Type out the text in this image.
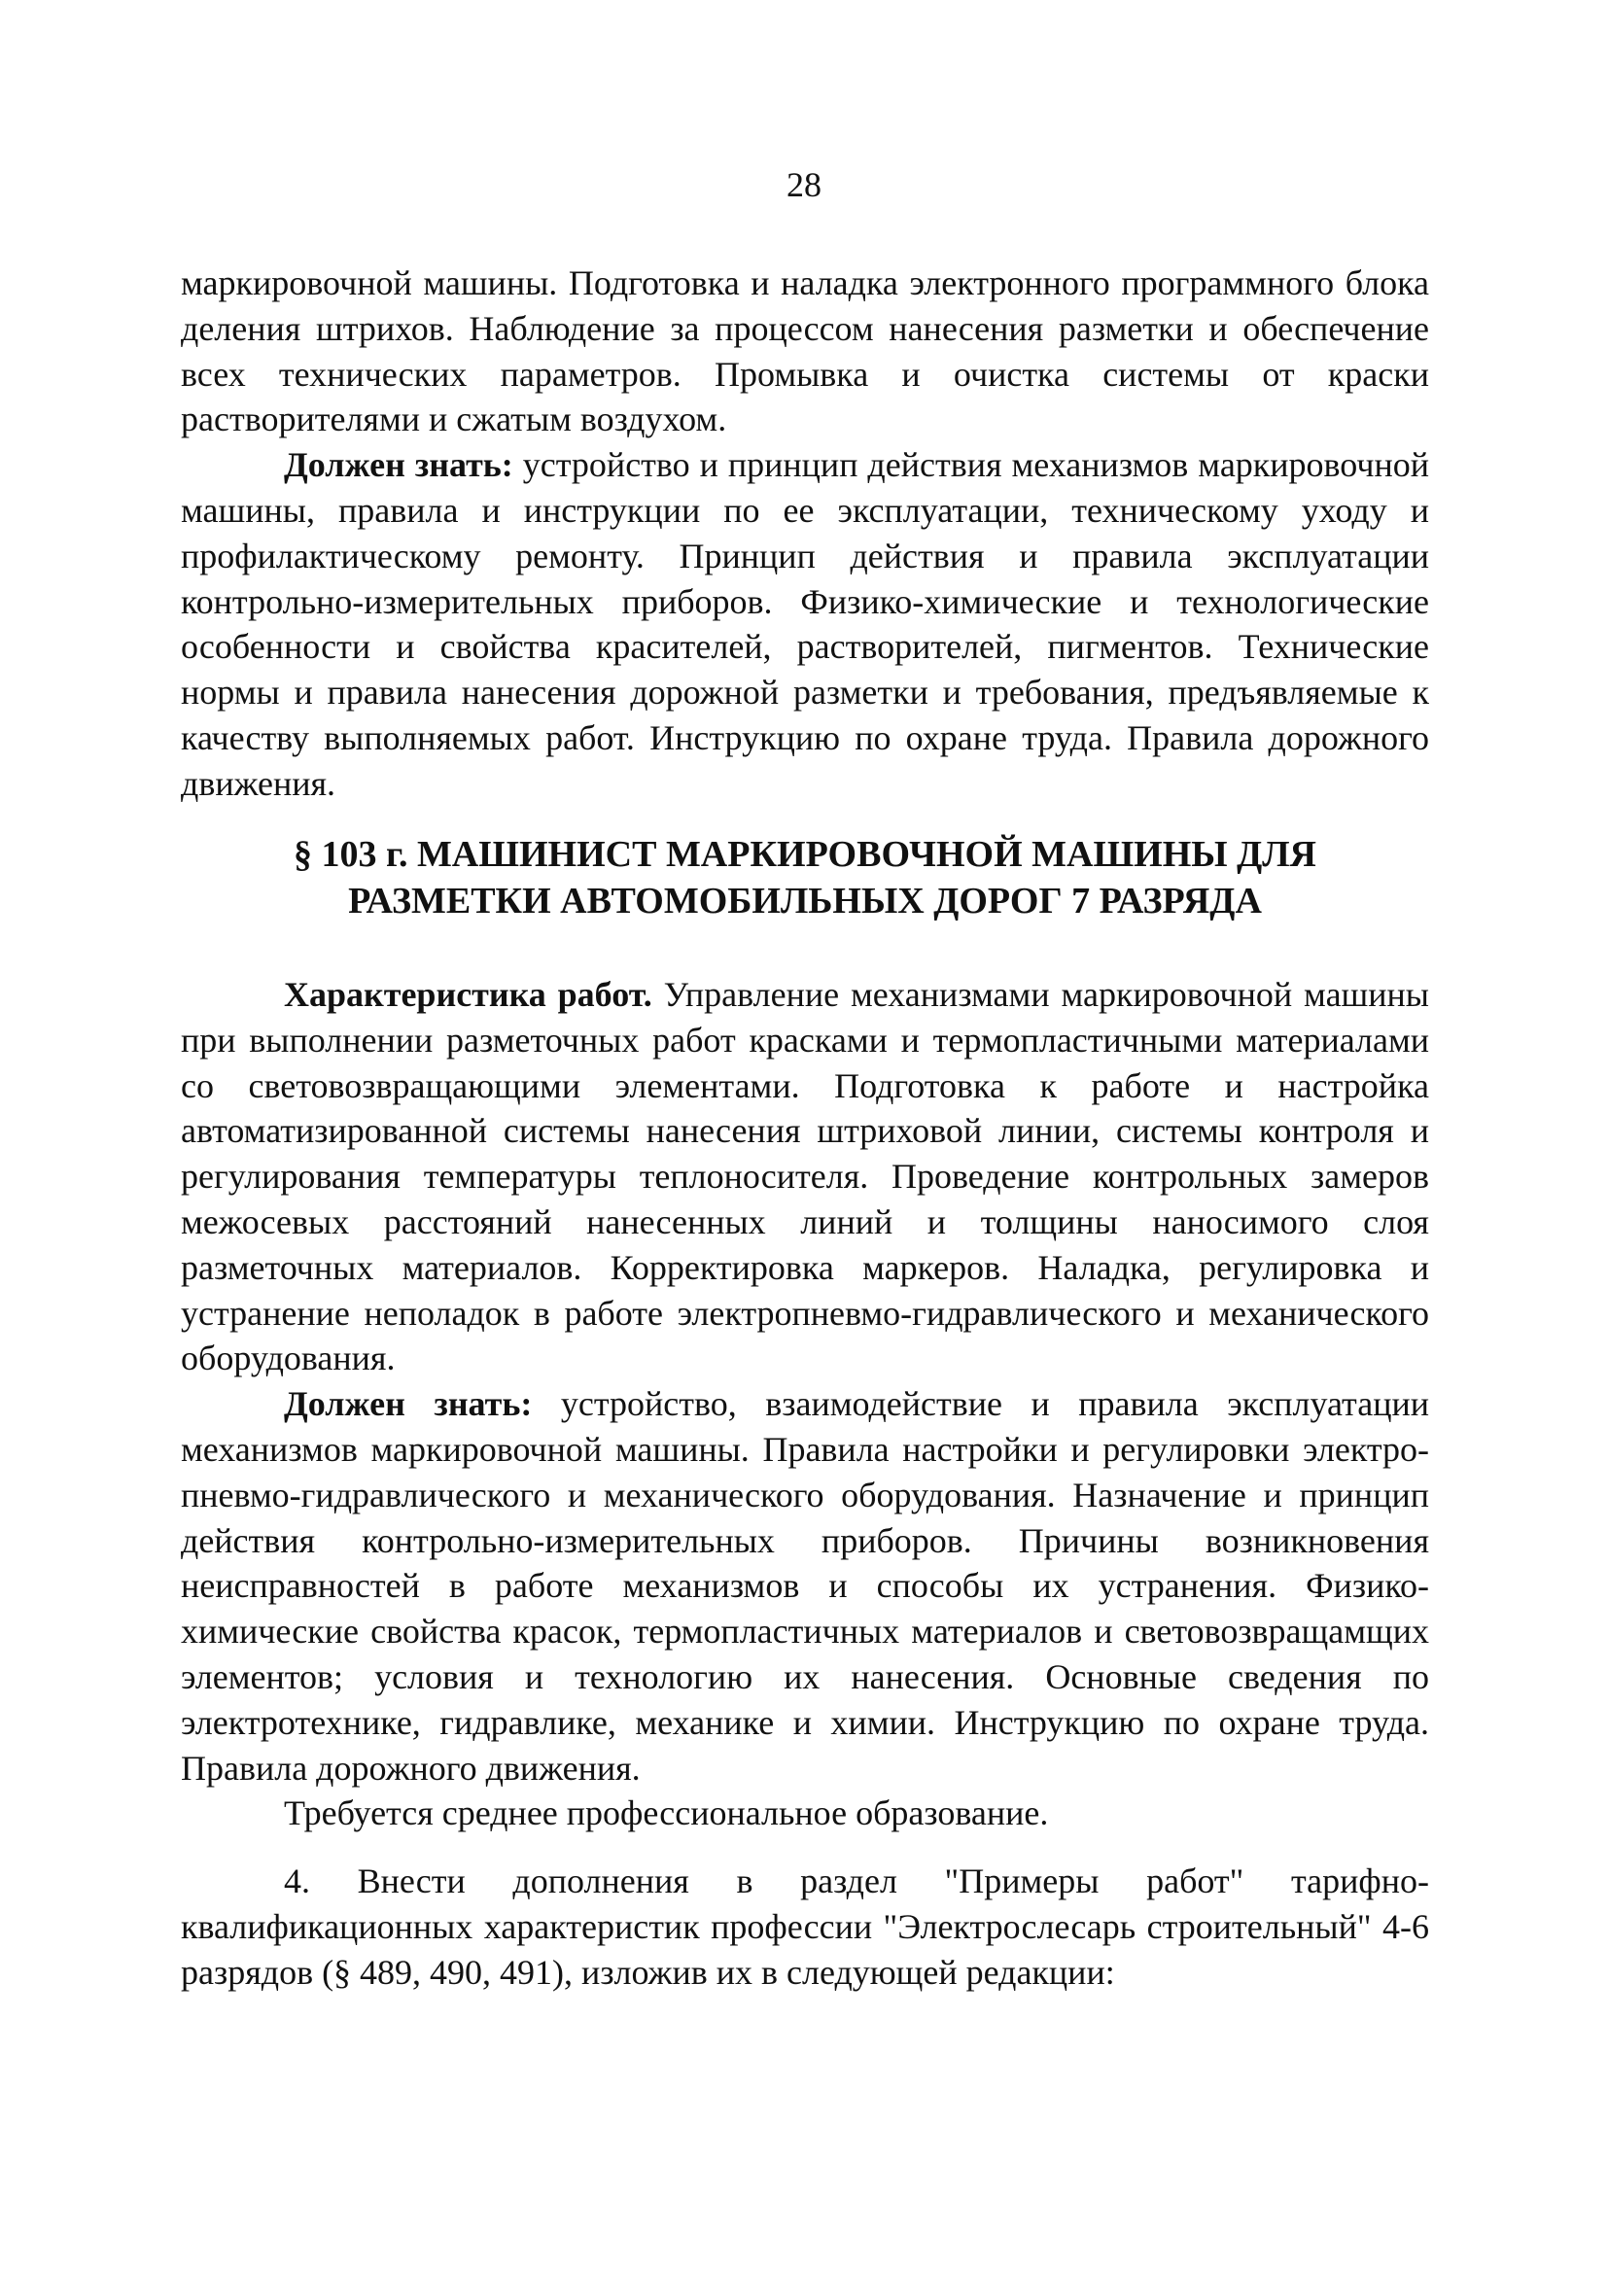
28

маркировочной машины. Подготовка и наладка электронного программного блока деления штрихов. Наблюдение за процессом нанесения разметки и обеспечение всех технических параметров. Промывка и очистка системы от краски растворителями и сжатым воздухом.

Должен знать: устройство и принцип действия механизмов маркировочной машины, правила и инструкции по ее эксплуатации, техническому уходу и профилактическому ремонту. Принцип действия и правила эксплуатации контрольно-измерительных приборов. Физико-химические и технологические особенности и свойства красителей, растворителей, пигментов. Технические нормы и правила нанесения дорожной разметки и требования, предъявляемые к качеству выполняемых работ. Инструкцию по охране труда. Правила дорожного движения.

§ 103 г. МАШИНИСТ МАРКИРОВОЧНОЙ МАШИНЫ ДЛЯ
РАЗМЕТКИ АВТОМОБИЛЬНЫХ ДОРОГ 7 РАЗРЯДА

Характеристика работ. Управление механизмами маркировочной машины при выполнении разметочных работ красками и термопластичными материалами со световозвращающими элементами. Подготовка к работе и настройка автоматизированной системы нанесения штриховой линии, системы контроля и регулирования температуры теплоносителя. Проведение контрольных замеров межосевых расстояний нанесенных линий и толщины наносимого слоя разметочных материалов. Корректировка маркеров. Наладка, регулировка и устранение неполадок в работе электропневмо-гидравлического и механического оборудования.

Должен знать: устройство, взаимодействие и правила эксплуатации механизмов маркировочной машины. Правила настройки и регулировки электро-пневмо-гидравлического и механического оборудования. Назначение и принцип действия контрольно-измерительных приборов. Причины возникновения неисправностей в работе механизмов и способы их устранения. Физико-химические свойства красок, термопластичных материалов и световозвращамщих элементов; условия и технологию их нанесения. Основные сведения по электротехнике, гидравлике, механике и химии. Инструкцию по охране труда. Правила дорожного движения.

Требуется среднее профессиональное образование.

4. Внести дополнения в раздел "Примеры работ" тарифно-квалификационных характеристик профессии "Электрослесарь строительный" 4-6 разрядов (§ 489, 490, 491), изложив их в следующей редакции:
